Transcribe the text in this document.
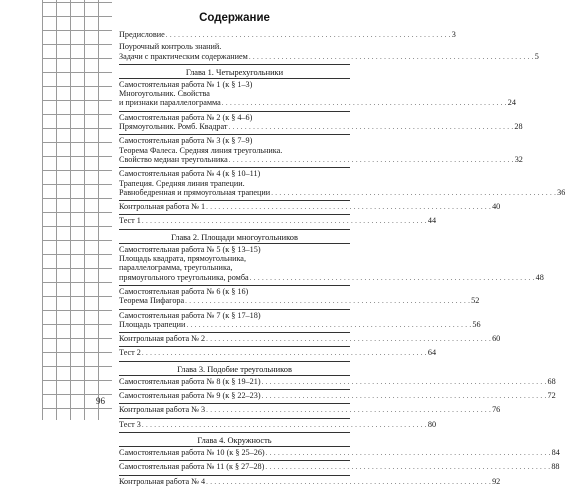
96
Содержание
Предисловие . . .	3
Поурочный контроль знаний.
Задачи с практическим содержанием . . .	5
Глава 1. Четырехугольники
Самостоятельная работа № 1 (к § 1–3)
Многоугольник. Свойства
и признаки параллелограмма . . .	24
Самостоятельная работа № 2 (к § 4–6)
Прямоугольник. Ромб. Квадрат . . .	28
Самостоятельная работа № 3 (к § 7–9)
Теорема Фалеса. Средняя линия треугольника.
Свойство медиан треугольника . . .	32
Самостоятельная работа № 4 (к § 10–11)
Трапеция. Средняя линия трапеции.
Равнобедренная и прямоугольная трапеции . . .	36
Контрольная работа № 1 . . .	40
Тест 1 . . .	44
Глава 2. Площади многоугольников
Самостоятельная работа № 5 (к § 13–15)
Площадь квадрата, прямоугольника,
параллелограмма, треугольника,
прямоугольного треугольника, ромба . . .	48
Самостоятельная работа № 6 (к § 16)
Теорема Пифагора . . .	52
Самостоятельная работа № 7 (к § 17–18)
Площадь трапеции . . .	56
Контрольная работа № 2 . . .	60
Тест 2 . . .	64
Глава 3. Подобие треугольников
Самостоятельная работа № 8 (к § 19–21) . . .	68
Самостоятельная работа № 9 (к § 22–23) . . .	72
Контрольная работа № 3 . . .	76
Тест 3 . . .	80
Глава 4. Окружность
Самостоятельная работа № 10 (к § 25–26) . . .	84
Самостоятельная работа № 11 (к § 27–28) . . .	88
Контрольная работа № 4 . . .	92
